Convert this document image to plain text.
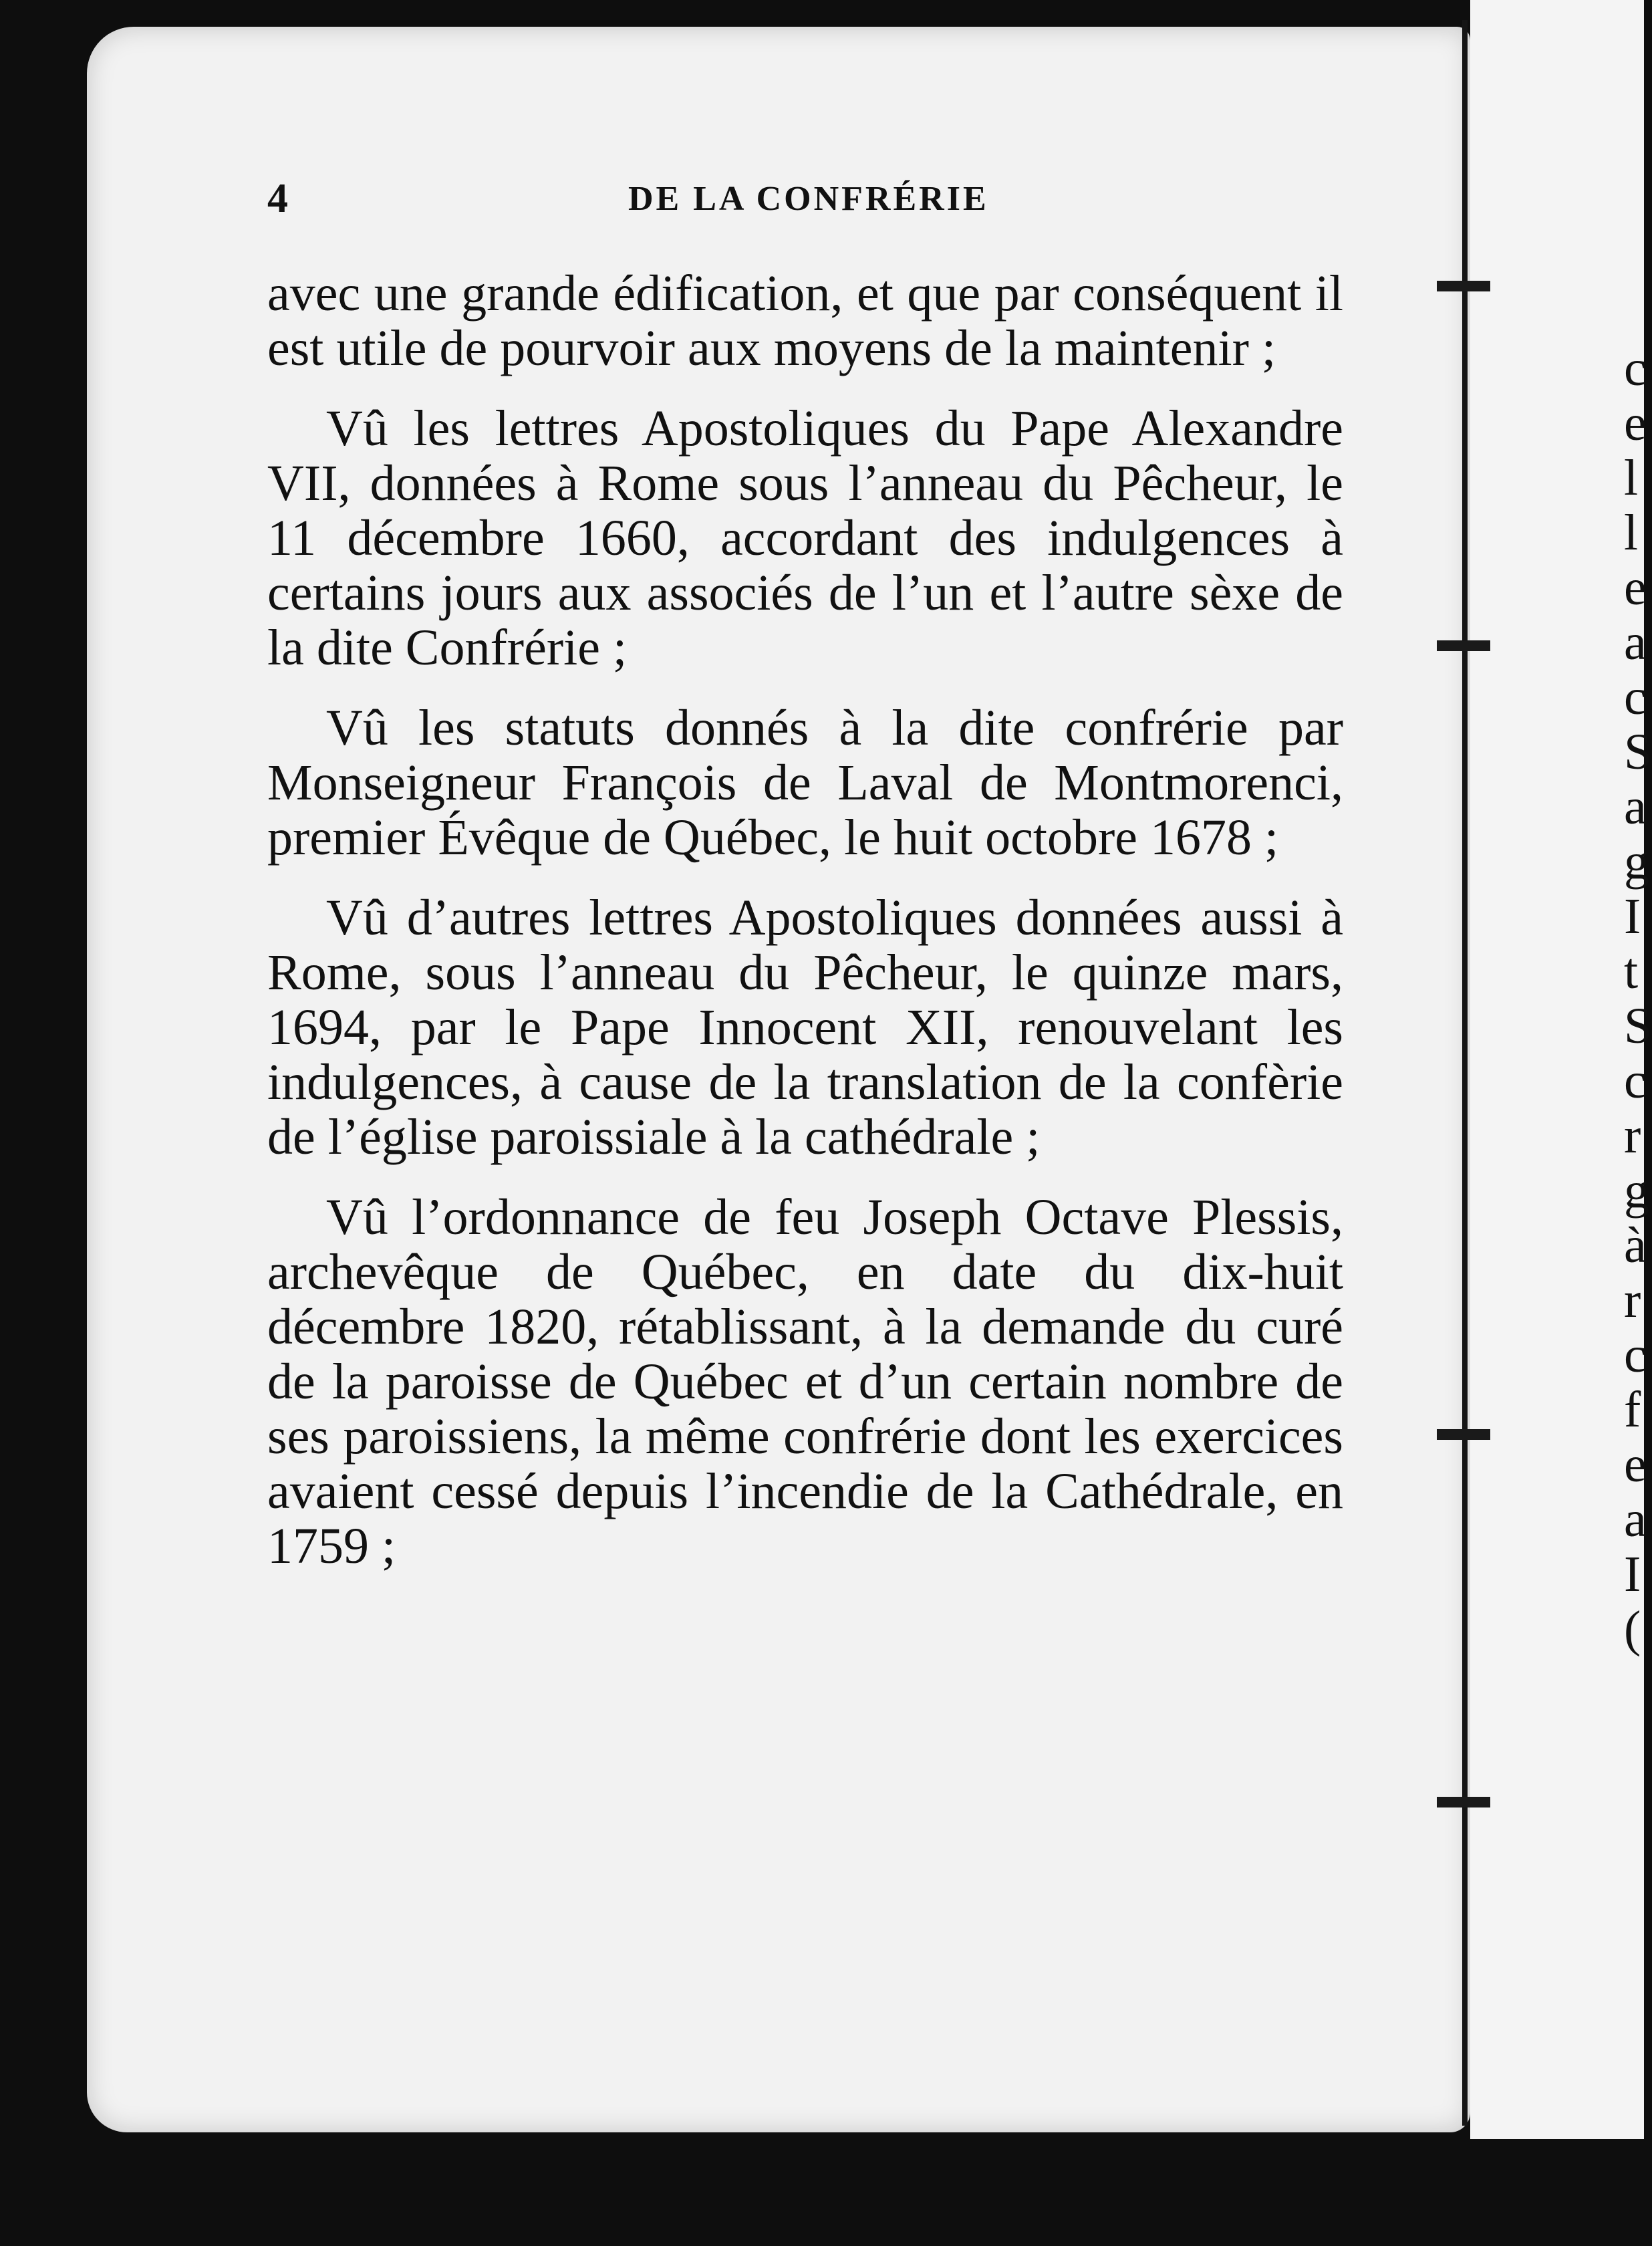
4	DE LA CONFRÉRIE

avec une grande édification, et que par conséquent il est utile de pourvoir aux moyens de la maintenir ;

Vû les lettres Apostoliques du Pape Alexandre VII, données à Rome sous l’anneau du Pêcheur, le 11 décembre 1660, accordant des indulgences à certains jours aux associés de l’un et l’autre sèxe de la dite Confrérie ;

Vû les statuts donnés à la dite confrérie par Monseigneur François de Laval de Montmorenci, premier Évêque de Québec, le huit octobre 1678 ;

Vû d’autres lettres Apostoliques données aussi à Rome, sous l’anneau du Pêcheur, le quinze mars, 1694, par le Pape Innocent XII, renouvelant les indulgences, à cause de la translation de la confèrie de l’église paroissiale à la cathédrale ;

Vû l’ordonnance de feu Joseph Octave Plessis, archevêque de Québec, en date du dix-huit décembre 1820, rétablissant, à la demande du curé de la paroisse de Québec et d’un certain nombre de ses paroissiens, la même confrérie dont les exercices avaient cessé depuis l’incendie de la Cathédrale, en 1759 ;

c
e
l
l
e
a
c
S
a
g
I
t
S
c
r
g
à
r
c
f
e
a
I
(
